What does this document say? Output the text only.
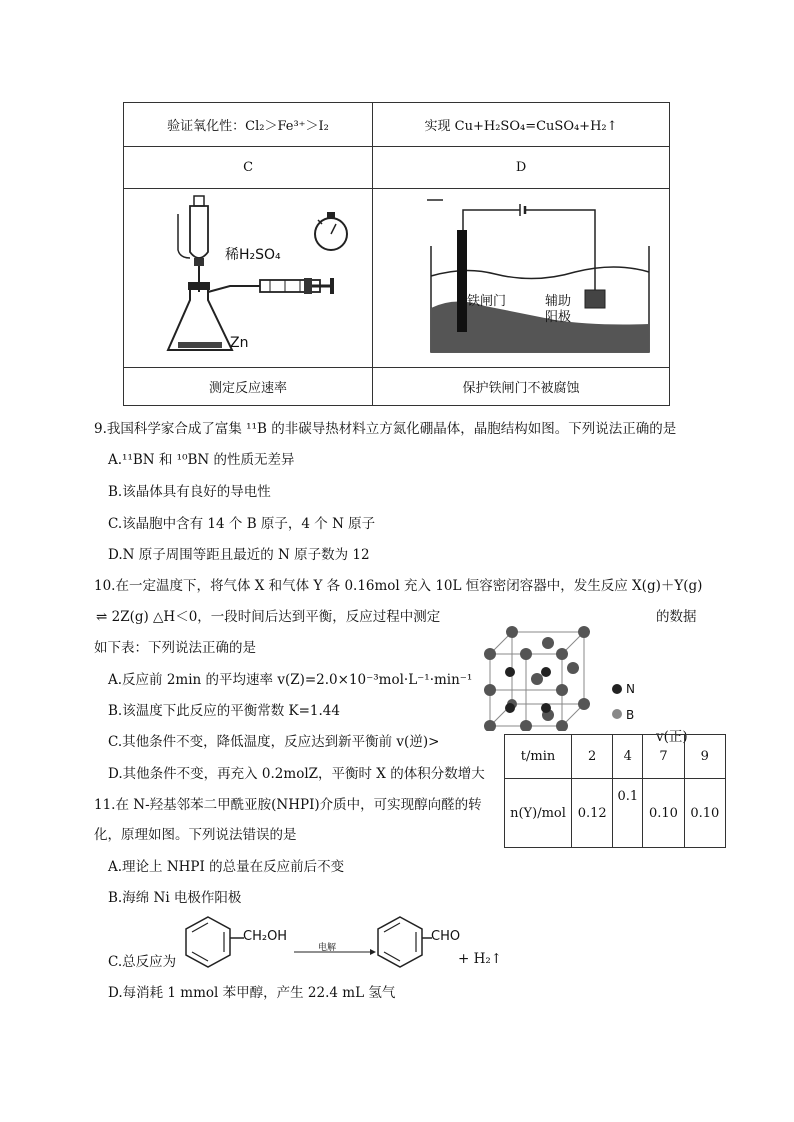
验证氧化性：Cl₂＞Fe³⁺＞I₂	实现 Cu+H₂SO₄=CuSO₄+H₂↑
C	D

测定反应速率	保护铁闸门不被腐蚀
稀H₂SO₄
Zn
铁闸门	辅助
阳极
9.我国科学家合成了富集 ¹¹B 的非碳导热材料立方氮化硼晶体，晶胞结构如图。下列说法正确的是
A.¹¹BN 和 ¹⁰BN 的性质无差异
B.该晶体具有良好的导电性
C.该晶胞中含有 14 个 B 原子，4 个 N 原子
D.N 原子周围等距且最近的 N 原子数为 12
10.在一定温度下，将气体 X 和气体 Y 各 0.16mol 充入 10L 恒容密闭容器中，发生反应 X(g)＋Y(g)
⇌ 2Z(g) △H＜0，一段时间后达到平衡，反应过程中测定	的数据
如下表：下列说法正确的是
A.反应前 2min 的平均速率 v(Z)=2.0×10⁻³mol·L⁻¹·min⁻¹
B.该温度下此反应的平衡常数 K=1.44
C.其他条件不变，降低温度，反应达到新平衡前 v(逆)>	v(正)
D.其他条件不变，再充入 0.2molZ，平衡时 X 的体积分数增大
N
B
t/min	2	4	7	9
n(Y)/mol	0.12	0.1	0.10	0.10
11.在 N-羟基邻苯二甲酰亚胺(NHPI)介质中，可实现醇向醛的转
化，原理如图。下列说法错误的是
A.理论上 NHPI 的总量在反应前后不变
B.海绵 Ni 电极作阳极
C.总反应为
CH₂OH
电解
CHO
+ H₂↑
D.每消耗 1 mmol 苯甲醇，产生 22.4 mL 氢气
